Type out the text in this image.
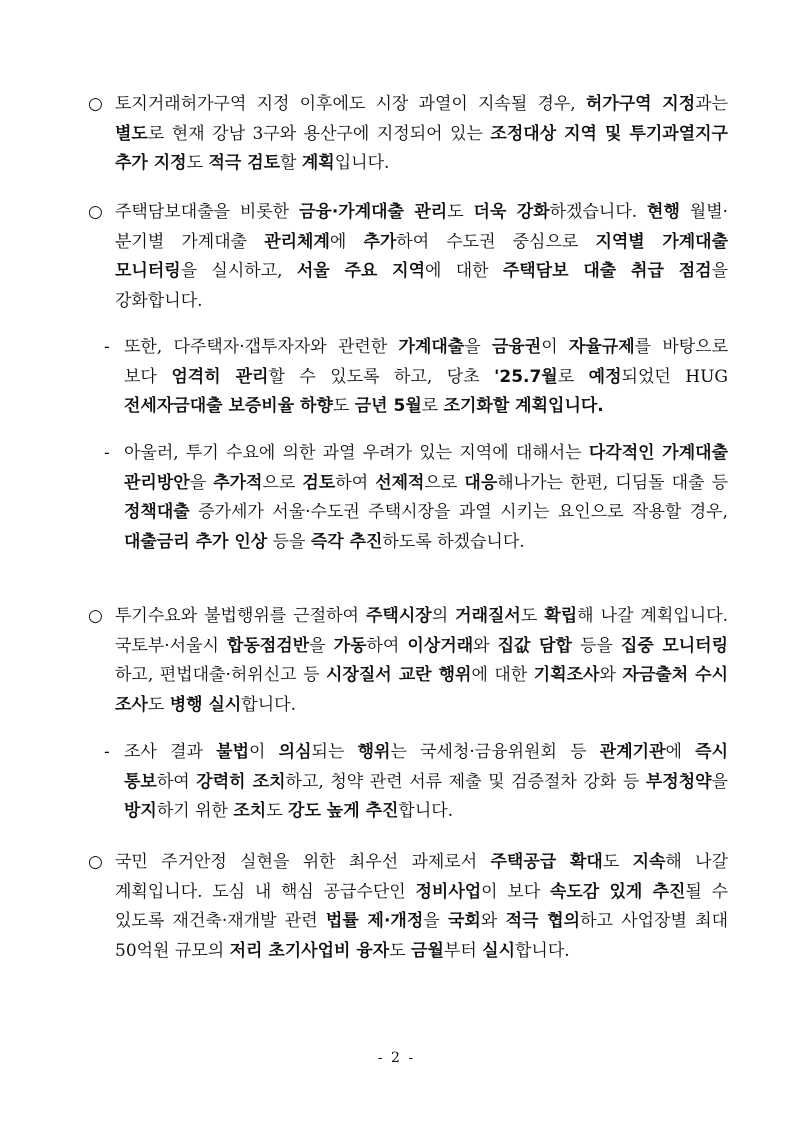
○ 토지거래허가구역 지정 이후에도 시장 과열이 지속될 경우, 허가구역 지정과는 별도로 현재 강남 3구와 용산구에 지정되어 있는 조정대상 지역 및 투기과열지구 추가 지정도 적극 검토할 계획입니다.
○ 주택담보대출을 비롯한 금융·가계대출 관리도 더욱 강화하겠습니다. 현행 월별·분기별 가계대출 관리체계에 추가하여 수도권 중심으로 지역별 가계대출 모니터링을 실시하고, 서울 주요 지역에 대한 주택담보 대출 취급 점검을 강화합니다.
- 또한, 다주택자·갭투자자와 관련한 가계대출을 금융권이 자율규제를 바탕으로 보다 엄격히 관리할 수 있도록 하고, 당초 '25.7월로 예정되었던 HUG 전세자금대출 보증비율 하향도 금년 5월로 조기화할 계획입니다.
- 아울러, 투기 수요에 의한 과열 우려가 있는 지역에 대해서는 다각적인 가계대출 관리방안을 추가적으로 검토하여 선제적으로 대응해나가는 한편, 디딤돌 대출 등 정책대출 증가세가 서울·수도권 주택시장을 과열 시키는 요인으로 작용할 경우, 대출금리 추가 인상 등을 즉각 추진하도록 하겠습니다.
○ 투기수요와 불법행위를 근절하여 주택시장의 거래질서도 확립해 나갈 계획입니다. 국토부·서울시 합동점검반을 가동하여 이상거래와 집값 담합 등을 집중 모니터링 하고, 편법대출·허위신고 등 시장질서 교란 행위에 대한 기획조사와 자금출처 수시 조사도 병행 실시합니다.
- 조사 결과 불법이 의심되는 행위는 국세청·금융위원회 등 관계기관에 즉시 통보하여 강력히 조치하고, 청약 관련 서류 제출 및 검증절차 강화 등 부정청약을 방지하기 위한 조치도 강도 높게 추진합니다.
○ 국민 주거안정 실현을 위한 최우선 과제로서 주택공급 확대도 지속해 나갈 계획입니다. 도심 내 핵심 공급수단인 정비사업이 보다 속도감 있게 추진될 수 있도록 재건축·재개발 관련 법률 제·개정을 국회와 적극 협의하고 사업장별 최대 50억원 규모의 저리 초기사업비 융자도 금월부터 실시합니다.
- 2 -
